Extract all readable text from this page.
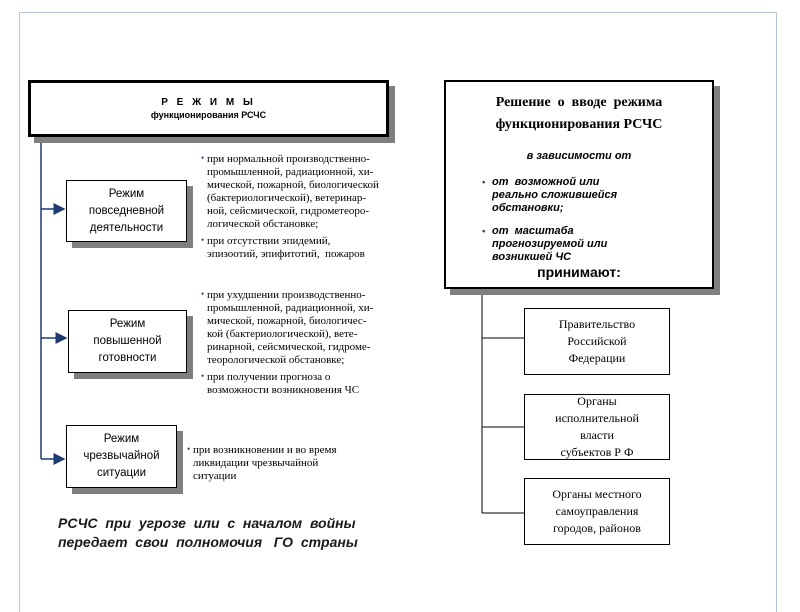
Р Е Ж И М Ы
функционирования РСЧС
Режим
повседневной
деятельности
Режим
повышенной
готовности
Режим
чрезвычайной
ситуации
• при нормальной производственно-
промышленной, радиационной, хи-
мической, пожарной, биологической
(бактериологической), ветеринар-
ной, сейсмической, гидрометеоро-
логической обстановке;
• при отсутствии эпидемий,
эпизоотий, эпифитотий,  пожаров
• при ухудшении производственно-
промышленной, радиационной, хи-
мической, пожарной, биологичес-
кой (бактериологической), вете-
ринарной, сейсмической, гидроме-
теорологической обстановке;
• при получении прогноза о
возможности возникновения ЧС
• при возникновении и во время
ликвидации чрезвычайной
ситуации
Решение  о  вводе  режима
функционирования РСЧС
в зависимости от
• от  возможной или
реально сложившейся
обстановки;
• от  масштаба
прогнозируемой или
возникшей ЧС
принимают:
Правительство
Российской
Федерации
Органы
исполнительной
власти
субъектов Р Ф
Органы местного
самоуправления
городов, районов
РСЧС  при  угрозе  или  с  началом  войны
передает  свои  полномочия   ГО  страны
